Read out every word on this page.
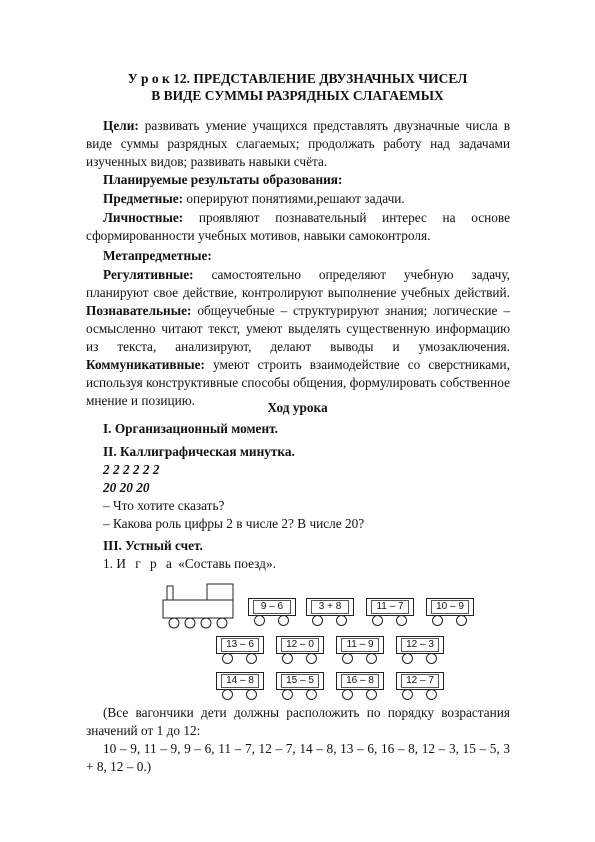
У р о к 12. ПРЕДСТАВЛЕНИЕ ДВУЗНАЧНЫХ ЧИСЕЛ
В ВИДЕ СУММЫ РАЗРЯДНЫХ СЛАГАЕМЫХ
Цели: развивать умение учащихся представлять двузначные числа в виде суммы разрядных слагаемых; продолжать работу над задачами изученных видов; развивать навыки счёта.
Планируемые результаты образования:
Предметные: оперируют понятиями,решают задачи.
Личностные: проявляют познавательный интерес на основе сформированности учебных мотивов, навыки самоконтроля.
Метапредметные:
Регулятивные: самостоятельно определяют учебную задачу, планируют свое действие, контролируют выполнение учебных действий. Познавательные: общеучебные – структурируют знания; логические – осмысленно читают текст, умеют выделять существенную информацию из текста, анализируют, делают выводы и умозаключения. Коммуникативные: умеют строить взаимодействие со сверстниками, используя конструктивные способы общения, формулировать собственное мнение и позицию.	Ход урока
I. Организационный момент.
II. Каллиграфическая минутка.
2 2 2 2 2 2
20 20 20
– Что хотите сказать?
– Какова роль цифры 2 в числе 2? В числе 20?
III. Устный счет.
1. И г р а «Составь поезд».
9 – 6	3 + 8	11 – 7	10 – 9
13 – 6	12 – 0	11 – 9	12 – 3
14 – 8	15 – 5	16 – 8	12 – 7
(Все вагончики дети должны расположить по порядку возрастания значений от 1 до 12:
10 – 9, 11 – 9, 9 – 6, 11 – 7, 12 – 7, 14 – 8, 13 – 6, 16 – 8, 12 – 3, 15 – 5, 3 + 8, 12 – 0.)
